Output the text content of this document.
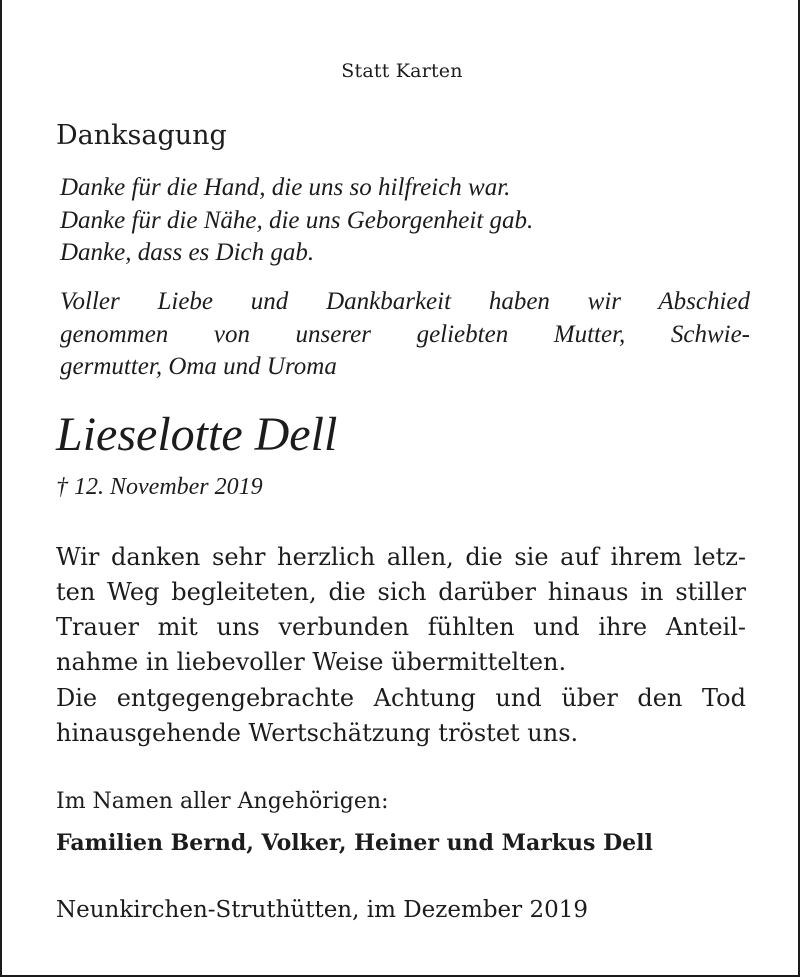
Statt Karten
Danksagung
Danke für die Hand, die uns so hilfreich war.
Danke für die Nähe, die uns Geborgenheit gab.
Danke, dass es Dich gab.
Voller Liebe und Dankbarkeit haben wir Abschied
genommen von unserer geliebten Mutter, Schwie-
germutter, Oma und Uroma
Lieselotte Dell
† 12. November 2019
Wir danken sehr herzlich allen, die sie auf ihrem letz-
ten Weg begleiteten, die sich darüber hinaus in stiller
Trauer mit uns verbunden fühlten und ihre Anteil-
nahme in liebevoller Weise übermittelten.
Die entgegengebrachte Achtung und über den Tod
hinausgehende Wertschätzung tröstet uns.
Im Namen aller Angehörigen:
Familien Bernd, Volker, Heiner und Markus Dell
Neunkirchen-Struthütten, im Dezember 2019
